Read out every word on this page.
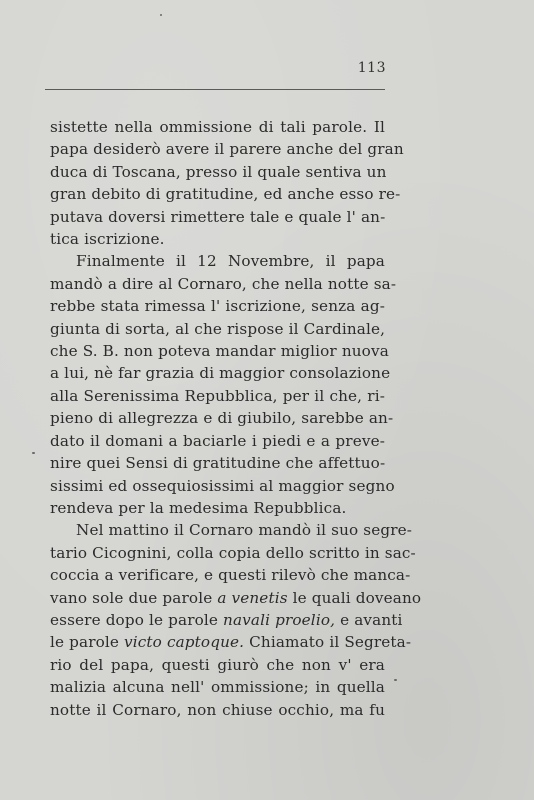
113
sistette nella ommissione di tali parole. Il
papa desiderò avere il parere anche del gran
duca di Toscana, presso il quale sentiva un
gran debito di gratitudine, ed anche esso re-
putava doversi rimettere tale e quale l' an-
tica iscrizione.
Finalmente il 12 Novembre, il papa
mandò a dire al Cornaro, che nella notte sa-
rebbe stata rimessa l' iscrizione, senza ag-
giunta di sorta, al che rispose il Cardinale,
che S. B. non poteva mandar miglior nuova
a lui, nè far grazia di maggior consolazione
alla Serenissima Repubblica, per il che, ri-
pieno di allegrezza e di giubilo, sarebbe an-
dato il domani a baciarle i piedi e a preve-
nire quei Sensi di gratitudine che affettuo-
sissimi ed ossequiosissimi al maggior segno
rendeva per la medesima Repubblica.
Nel mattino il Cornaro mandò il suo segre-
tario Cicognini, colla copia dello scritto in sac-
coccia a verificare, e questi rilevò che manca-
vano sole due parole a venetis le quali doveano
essere dopo le parole navali proelio, e avanti
le parole victo captoque. Chiamato il Segreta-
rio del papa, questi giurò che non v' era
malizia alcuna nell' ommissione; in quella
notte il Cornaro, non chiuse occhio, ma fu
